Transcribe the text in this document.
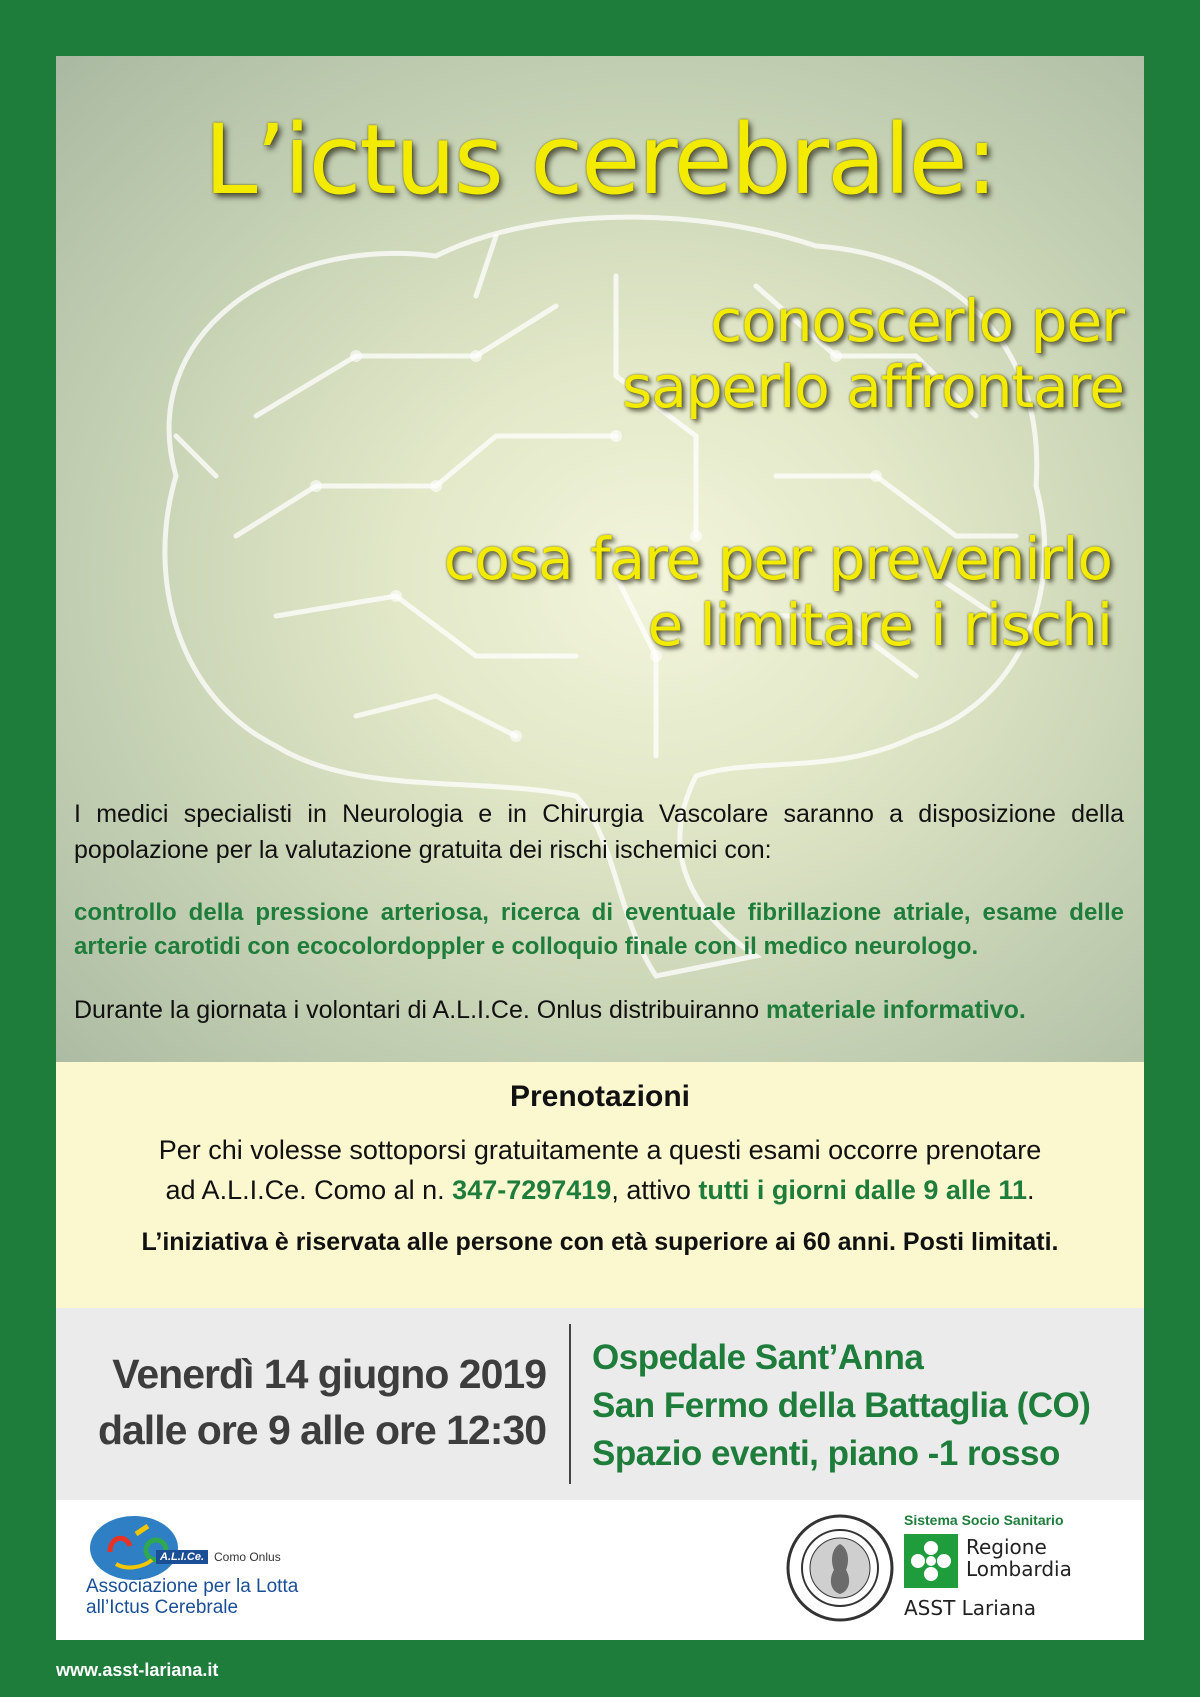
L’ictus cerebrale:
conoscerlo per
saperlo affrontare
cosa fare per prevenirlo
e limitare i rischi
I medici specialisti in Neurologia e in Chirurgia Vascolare saranno a disposizione della popolazione per la valutazione gratuita dei rischi ischemici con:
controllo della pressione arteriosa, ricerca di eventuale fibrillazione atriale, esame delle arterie carotidi con ecocolordoppler e colloquio finale con il medico neurologo.
Durante la giornata i volontari di A.L.I.Ce. Onlus distribuiranno materiale informativo.
Prenotazioni
Per chi volesse sottoporsi gratuitamente a questi esami occorre prenotare
ad A.L.I.Ce. Como al n. 347-7297419, attivo tutti i giorni dalle 9 alle 11.
L’iniziativa è riservata alle persone con età superiore ai 60 anni. Posti limitati.
Venerdì 14 giugno 2019
dalle ore 9 alle ore 12:30
Ospedale Sant’Anna
San Fermo della Battaglia (CO)
Spazio eventi, piano -1 rosso
A.L.I.Ce. Como Onlus
Associazione per la Lotta
all’Ictus Cerebrale
Sistema Socio Sanitario
Regione
Lombardia
ASST Lariana
www.asst-lariana.it
